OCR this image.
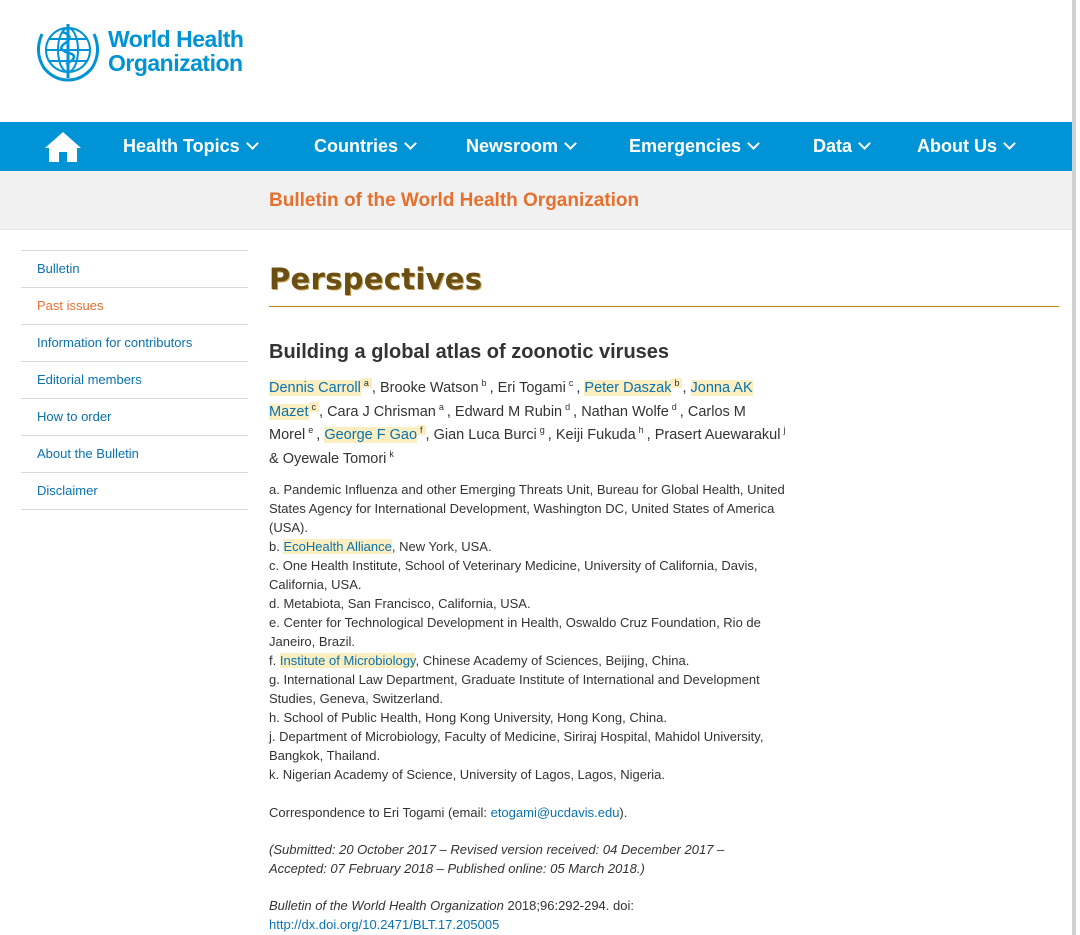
World Health
Organization
Health Topics	Countries	Newsroom	Emergencies	Data	About Us
Bulletin of the World Health Organization
Bulletin
Past issues
Information for contributors
Editorial members
How to order
About the Bulletin
Disclaimer
Perspectives
Building a global atlas of zoonotic viruses
Dennis Carroll $^a$ , Brooke Watson $^b$ , Eri Togami $^c$ , Peter Daszak $^b$ , Jonna AK Mazet $^c$ , Cara J Chrisman $^a$ , Edward M Rubin $^d$ , Nathan Wolfe $^d$ , Carlos M Morel $^e$ , George F Gao $^f$ , Gian Luca Burci $^g$ , Keiji Fukuda $^h$ , Prasert Auewarakul $^j$ & Oyewale Tomori $^k$
a. Pandemic Influenza and other Emerging Threats Unit, Bureau for Global Health, United States Agency for International Development, Washington DC, United States of America (USA).
b. EcoHealth Alliance, New York, USA.
c. One Health Institute, School of Veterinary Medicine, University of California, Davis, California, USA.
d. Metabiota, San Francisco, California, USA.
e. Center for Technological Development in Health, Oswaldo Cruz Foundation, Rio de Janeiro, Brazil.
f. Institute of Microbiology, Chinese Academy of Sciences, Beijing, China.
g. International Law Department, Graduate Institute of International and Development Studies, Geneva, Switzerland.
h. School of Public Health, Hong Kong University, Hong Kong, China.
j. Department of Microbiology, Faculty of Medicine, Siriraj Hospital, Mahidol University, Bangkok, Thailand.
k. Nigerian Academy of Science, University of Lagos, Lagos, Nigeria.
Correspondence to Eri Togami (email: etogami@ucdavis.edu).
(Submitted: 20 October 2017 – Revised version received: 04 December 2017 – Accepted: 07 February 2018 – Published online: 05 March 2018.)
Bulletin of the World Health Organization 2018;96:292-294. doi:
http://dx.doi.org/10.2471/BLT.17.205005
